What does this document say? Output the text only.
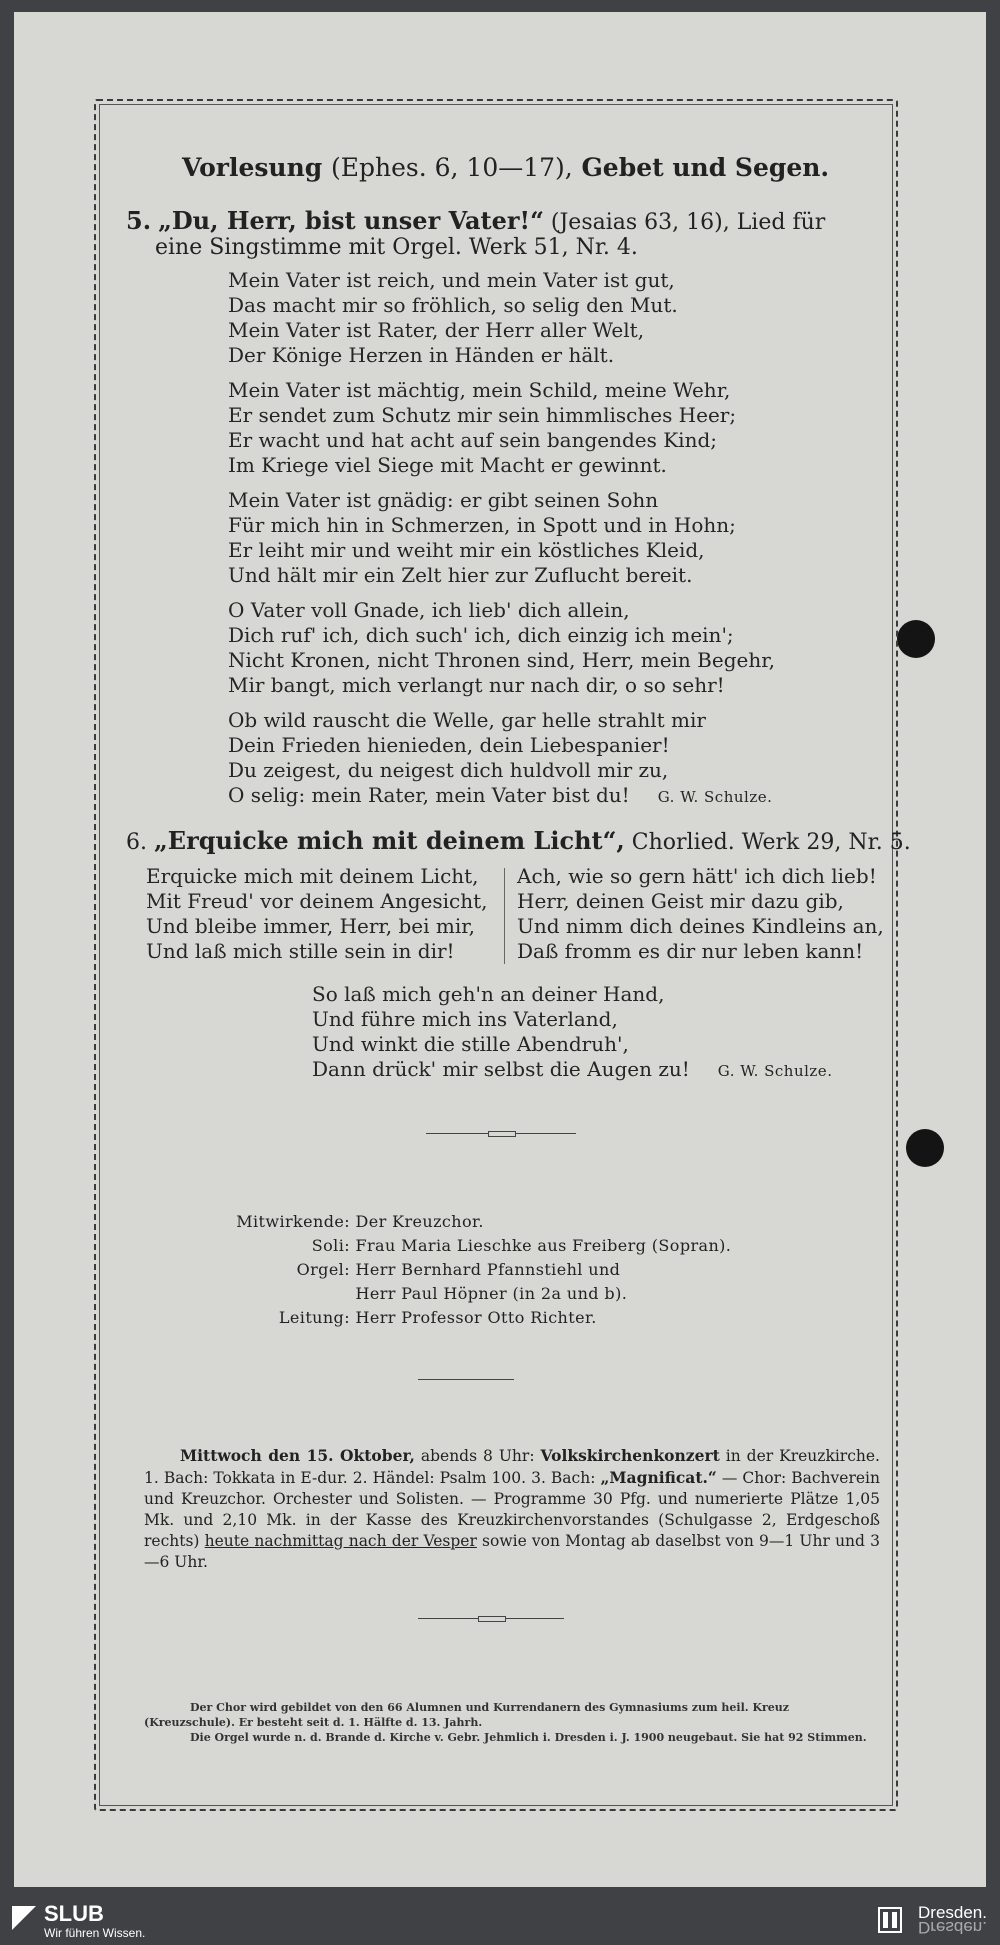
Vorlesung (Ephes. 6, 10—17), Gebet und Segen.
5. „Du, Herr, bist unser Vater!“ (Jesaias 63, 16), Lied für
eine Singstimme mit Orgel. Werk 51, Nr. 4.
Mein Vater ist reich, und mein Vater ist gut,
Das macht mir so fröhlich, so selig den Mut.
Mein Vater ist Rater, der Herr aller Welt,
Der Könige Herzen in Händen er hält.
Mein Vater ist mächtig, mein Schild, meine Wehr,
Er sendet zum Schutz mir sein himmlisches Heer;
Er wacht und hat acht auf sein bangendes Kind;
Im Kriege viel Siege mit Macht er gewinnt.
Mein Vater ist gnädig: er gibt seinen Sohn
Für mich hin in Schmerzen, in Spott und in Hohn;
Er leiht mir und weiht mir ein köstliches Kleid,
Und hält mir ein Zelt hier zur Zuflucht bereit.
O Vater voll Gnade, ich lieb' dich allein,
Dich ruf' ich, dich such' ich, dich einzig ich mein';
Nicht Kronen, nicht Thronen sind, Herr, mein Begehr,
Mir bangt, mich verlangt nur nach dir, o so sehr!
Ob wild rauscht die Welle, gar helle strahlt mir
Dein Frieden hienieden, dein Liebespanier!
Du zeigest, du neigest dich huldvoll mir zu,
O selig: mein Rater, mein Vater bist du! G. W. Schulze.
6. „Erquicke mich mit deinem Licht“, Chorlied. Werk 29, Nr. 5.
Erquicke mich mit deinem Licht,
Mit Freud' vor deinem Angesicht,
Und bleibe immer, Herr, bei mir,
Und laß mich stille sein in dir!
Ach, wie so gern hätt' ich dich lieb!
Herr, deinen Geist mir dazu gib,
Und nimm dich deines Kindleins an,
Daß fromm es dir nur leben kann!
So laß mich geh'n an deiner Hand,
Und führe mich ins Vaterland,
Und winkt die stille Abendruh',
Dann drück' mir selbst die Augen zu! G. W. Schulze.
Mitwirkende: Der Kreuzchor.
Soli: Frau Maria Lieschke aus Freiberg (Sopran).
Orgel: Herr Bernhard Pfannstiehl und
Herr Paul Höpner (in 2a und b).
Leitung: Herr Professor Otto Richter.
Mittwoch den 15. Oktober, abends 8 Uhr: Volkskirchenkonzert in der Kreuzkirche. 1. Bach: Tokkata in E-dur. 2. Händel: Psalm 100. 3. Bach: „Magnificat.“ — Chor: Bachverein und Kreuzchor. Orchester und Solisten. — Programme 30 Pfg. und numerierte Plätze 1,05 Mk. und 2,10 Mk. in der Kasse des Kreuzkirchenvorstandes (Schulgasse 2, Erdgeschoß rechts) heute nachmittag nach der Vesper sowie von Montag ab daselbst von 9—1 Uhr und 3—6 Uhr.
Der Chor wird gebildet von den 66 Alumnen und Kurrendanern des Gymnasiums zum heil. Kreuz (Kreuzschule). Er besteht seit d. 1. Hälfte d. 13. Jahrh.
Die Orgel wurde n. d. Brande d. Kirche v. Gebr. Jehmlich i. Dresden i. J. 1900 neugebaut. Sie hat 92 Stimmen.
SLUB
Wir führen Wissen.
Dresden.
Dresden.
